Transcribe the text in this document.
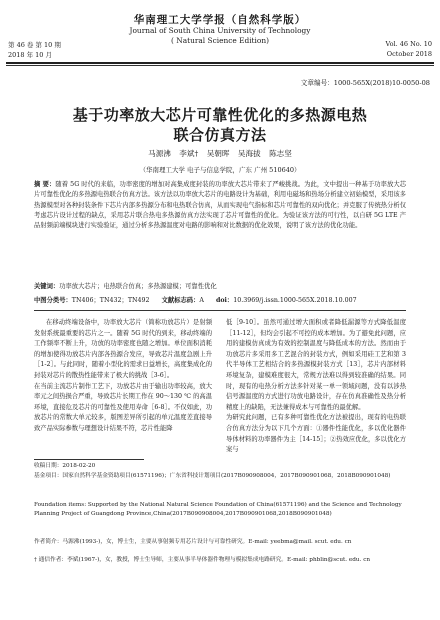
第 46 卷 第 10 期
2018 年 10 月
华南理工大学学报（自然科学版）
Journal of South China University of Technology
( Natural Science Edition)	Vol. 46 No. 10
October 2018
文章编号：1000-565X(2018)10-0050-08
基于功率放大芯片可靠性优化的多热源电热
联合仿真方法
马源沸 李斌† 吴朝晖 吴海拔 陈志坚
（华南理工大学 电子与信息学院，广东 广州 510640）
摘 要：随着 5G 时代的来临，功率密度的增加对高集成度封装的功率放大芯片带来了严峻挑战。为此，文中提出一种基于功率放大芯片可靠性优化的多热源电热联合仿真方法。该方法以功率放大芯片的电路设计为基础，利用电磁场和热场分析建立初始模型，采用该多热源模型对各种封装条件下芯片内部多热源分布和电热联合仿真，从而实现电气指标和芯片可靠性的双向优化；并克服了传统热分析仅考虑芯片设计过程的缺点，采用芯片联合热电多热源仿真方法实现了芯片可靠性的优化。为验证该方法的可行性，以自研 5G LTE 产品射频前端模块进行实验验证，通过分析多热源温度对电路的影响和对比数据的优化效果，说明了该方法的优化功能。
关键词：功率放大芯片；电热联合仿真；多热源建模；可靠性优化
中图分类号：TN406；TN432；TN492 文献标志码：A doi：10.3969/j.issn.1000-565X.2018.10.007

在移动终端设备中，功率放大芯片（简称功放芯片）是射频发射系统最重要的芯片之一。随着 5G 时代的到来，移动终端的工作频率不断上升，功放的功率密度也随之增加。单位面积消耗的增加使得功放芯片内部各热源合发应，导致芯片温度急剧上升［1-2］。与此同时，随着小型化的需求日益增长，高度集成化的封装对芯片的散热性能带来了极大的挑战［3-6］。
在当前主流芯片制作工艺下，功放芯片由于输出功率较高，放大率元之间热损合严重，导致芯片长期工作在 90～130 ℃ 的高温环境，直接危及芯片的可靠性及使用寿命［6-8］。不仅如此，功放芯片的常数大单元较多，版图差异所引起的单元温度差直接导致产品实际参数与理想设计结果不符，芯片性能降

低［9-10］。虽然可通过增大面积或者降低漏源等方式降低温度［11-12］，但均会引起不可控的成本增加。为了避免此问题，应用的建模仿真成为有效的控制温度与降低成本的方法。然而由于功放芯片多采用多工艺混合的封装方式，例如采用硅工艺和第 3 代半导体工艺相结合的多热源模封装方式［13］，芯片内部材料环境复杂，建模难度很大，常规方法难以得到较准确的结果。同时，现有的电热分析方法多针对某一单一领域问题，没有以涉热信号源温度的方式进行功放电路设计，存在仿真准确性及热分析精度上的缺陷，无法兼得成本与可靠性的最优解。
为研究此问题，已有多种可靠性优化方法被提出，现有的电热联合仿真方法分为以下几个方面：①器件性能优化，多以优化器件导体材料的功率器件为主［14-15］；②热效应优化，多以优化方案与

收稿日期：2018-02-20
基金项目：国家自然科学基金资助项目(61571196)；广东省科技计划项目(2017B090908004，2017B090901068，2018B090901048)
Foundation items: Supported by the National Natural Science Foundation of China(61571196) and the Science and Technology Planning Project of Guangdong Province,China(2017B090908004,2017B090901068,2018B090901048)
作者简介：马源沸(1993-)，女，博士生，主要从事射频专用芯片设计与可靠性研究。E-mail: yeebma@mail. scut. edu. cn
† 通信作者：李斌(1967-)，女，教授，博士生导师，主要从事半导体器件物理与模拟集成电路研究。E-mail: phblin@scut. edu. cn
